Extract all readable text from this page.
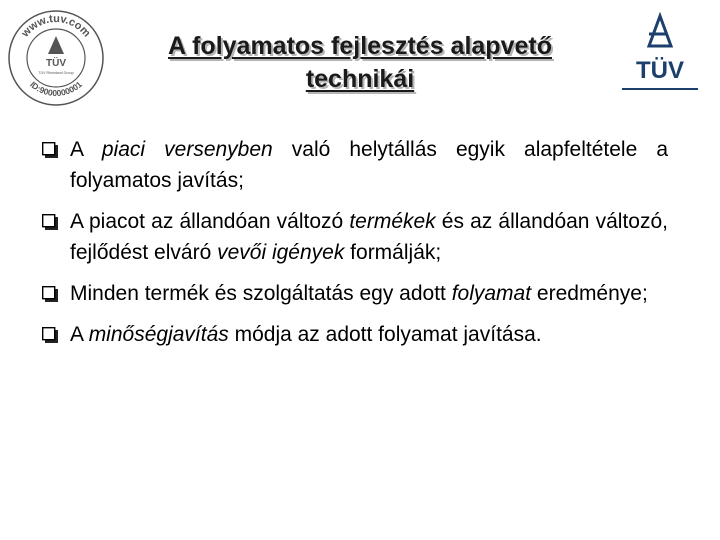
www.tuv.com
ID:9000000001
TÜV
TÜV Rheinland Group
A folyamatos fejlesztés alapvető
technikái	TÜV
A piaci versenyben való helytállás egyik alapfeltétele a folyamatos javítás;
A piacot az állandóan változó termékek és az állandóan változó, fejlődést elváró vevői igények formálják;
Minden termék és szolgáltatás egy adott folyamat eredménye;
A minőségjavítás módja az adott folyamat javítása.
